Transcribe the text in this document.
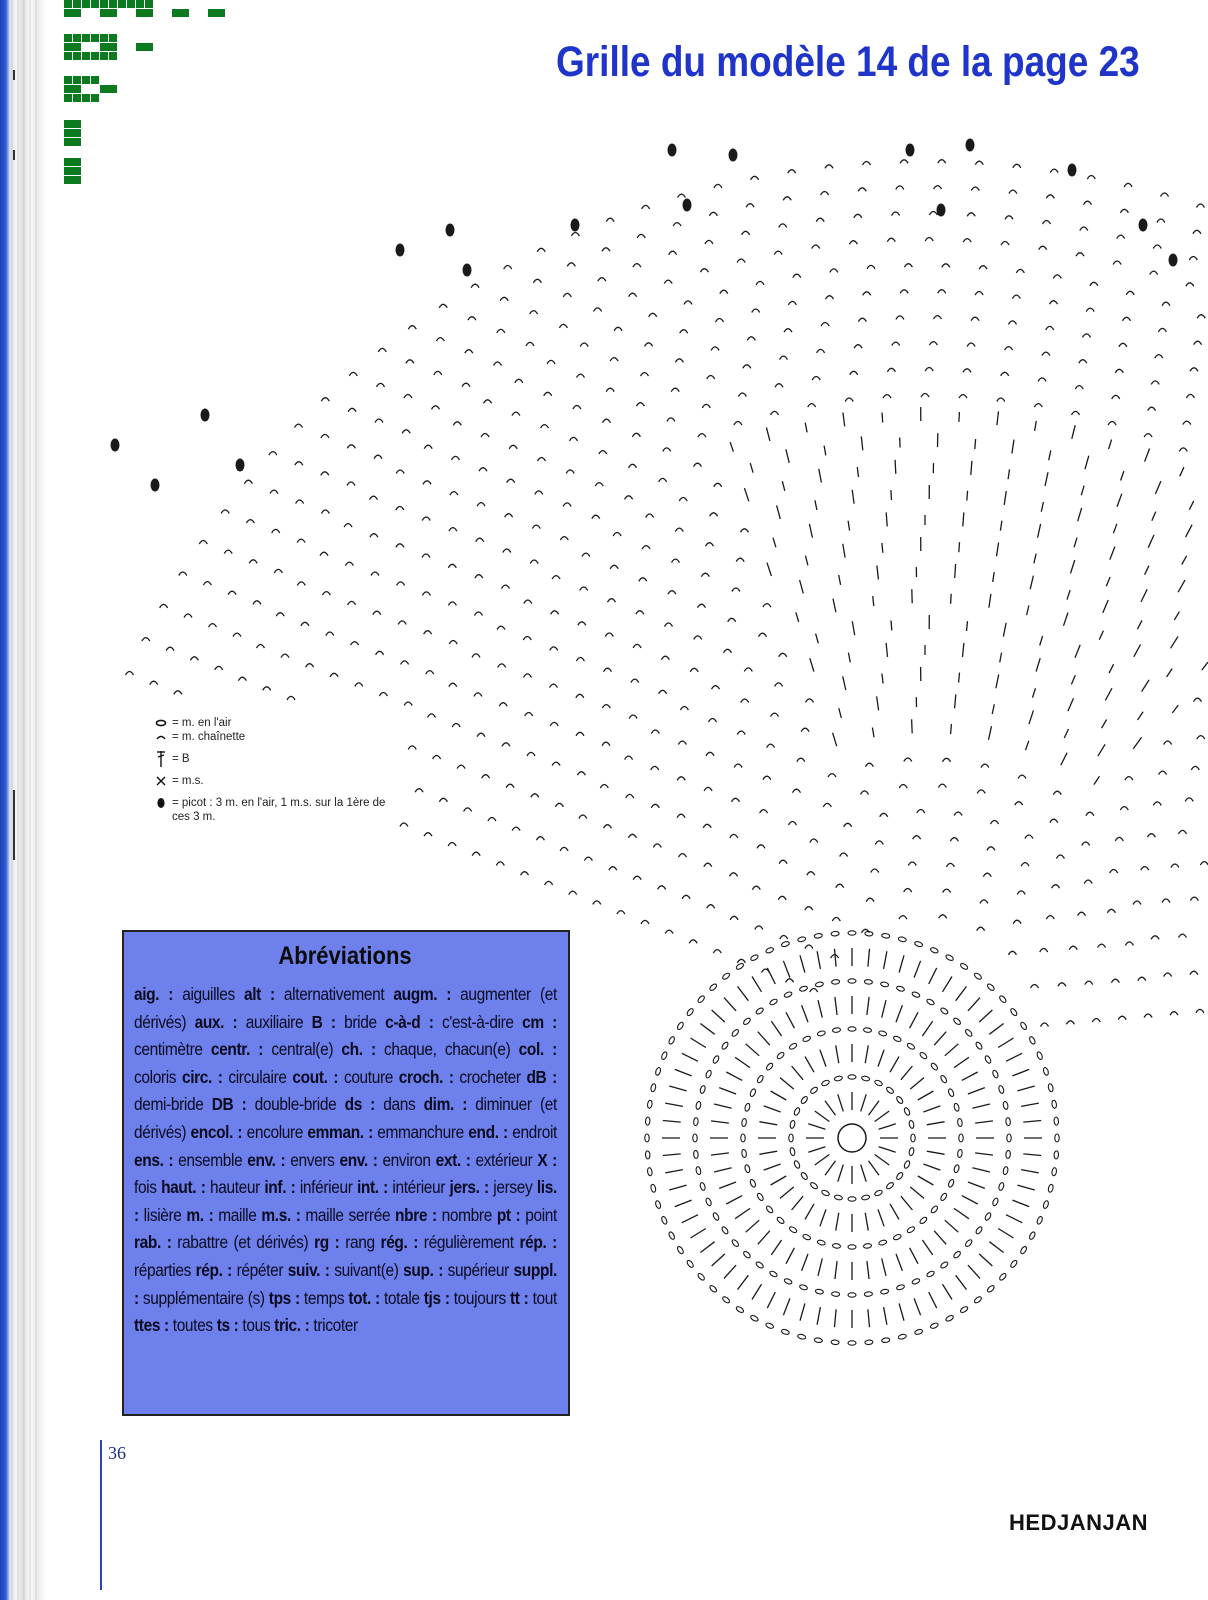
Grille du modèle 14 de la page 23
= m. en l'air
= m. chaînette
= B
= m.s.
= picot : 3 m. en l'air, 1 m.s. sur la 1ère de ces 3 m.
Abréviations
aig. : aiguilles alt : alternativement augm. : augmenter (et dérivés) aux. : auxiliaire B : bride c-à-d : c'est-à-dire cm : centimètre centr. : central(e) ch. : chaque, chacun(e) col. : coloris circ. : circulaire cout. : couture croch. : crocheter dB : demi-bride DB : double-bride ds : dans dim. : diminuer (et dérivés) encol. : encolure emman. : emmanchure end. : endroit ens. : ensemble env. : envers env. : environ ext. : extérieur X : fois haut. : hauteur inf. : inférieur int. : intérieur jers. : jersey lis. : lisière m. : maille m.s. : maille serrée nbre : nombre pt : point rab. : rabattre (et dérivés) rg : rang rég. : régulièrement rép. : réparties rép. : répéter suiv. : suivant(e) sup. : supérieur suppl. : supplémentaire (s) tps : temps tot. : totale tjs : toujours tt : tout ttes : toutes ts : tous tric. : tricoter
36
HEDJANJAN
